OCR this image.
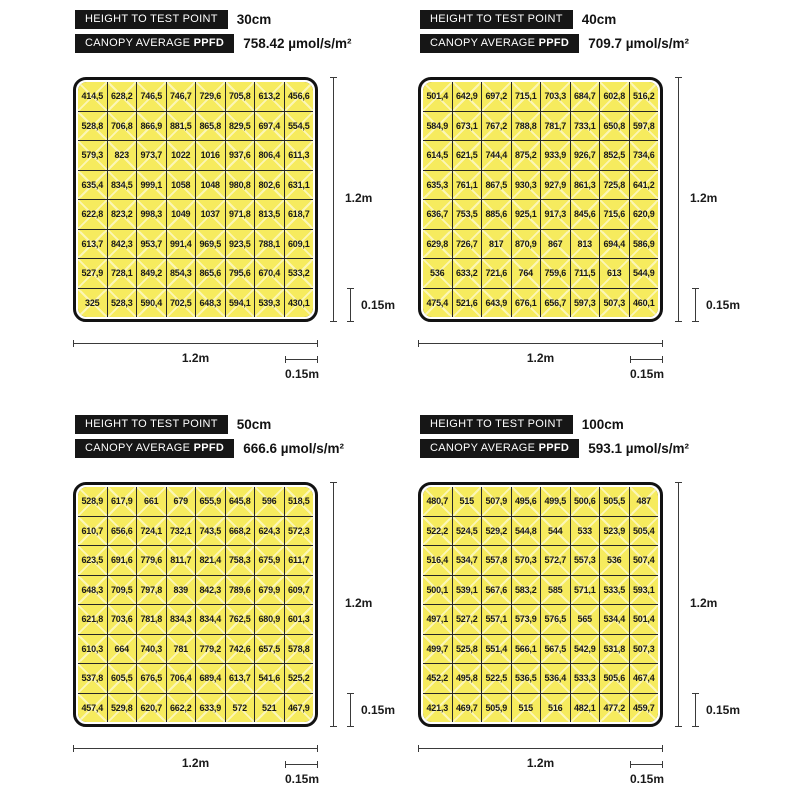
HEIGHT TO TEST POINT	30cm
CANOPY AVERAGE PPFD	758.42 µmol/s/m²
414,5 628,2 746,5 746,7 729,6 705,8 613,2 456,6
528,8 706,8 866,9 881,5 865,8 829,5 697,4 554,5
579,3	823	973,7	1022	1016	937,6 806,4 611,3
635,4 834,5 999,1	1058	1048	980,8 802,6 631,1
622,8 823,2 998,3	1049	1037	971,8 813,5 618,7
613,7 842,3 953,7 991,4 969,5 923,5 788,1 609,1
527,9 728,1 849,2 854,3 865,6 795,6 670,4 533,2
325	528,3 590,4 702,5 648,3 594,1 539,3 430,1
1.2m
0.15m
1.2m
0.15m
HEIGHT TO TEST POINT	40cm
CANOPY AVERAGE PPFD	709.7 µmol/s/m²
501,4 642,9 697,2 715,1 703,3 684,7 602,8 516,2
584,9 673,1 767,2 788,8 781,7 733,1 650,8 597,8
614,5 621,5 744,4 875,2 933,9 926,7 852,5 734,6
635,3 761,1 867,5 930,3 927,9 861,3 725,8 641,2
636,7 753,5 885,6 925,1 917,3 845,6 715,6 620,9
629,8 726,7	817	870,9	867	813	694,4 586,9
536	633,2 721,6	764	759,6 711,5	613	544,9
475,4 521,6 643,9 676,1 656,7 597,3 507,3 460,1
1.2m
0.15m
1.2m
0.15m
HEIGHT TO TEST POINT	50cm
CANOPY AVERAGE PPFD	666.6 µmol/s/m²
528,9 617,9	661	679	655,9 645,8	596	518,5
610,7 656,6 724,1 732,1 743,5 668,2 624,3 572,3
623,5 691,6 779,6 811,7 821,4 758,3 675,9 611,7
648,3 709,5 797,8	839	842,3 789,6 679,9 609,7
621,8 703,6 781,8 834,3 834,4 762,5 680,9 601,3
610,3	664	740,3	781	779,2 742,6 657,5 578,8
537,8 605,5 676,5 706,4 689,4 613,7 541,6 525,2
457,4 529,8 620,7 662,2 633,9	572	521	467,9
1.2m
0.15m
1.2m
0.15m
HEIGHT TO TEST POINT	100cm
CANOPY AVERAGE PPFD	593.1 µmol/s/m²
480,7	515	507,9 495,6 499,5 500,6 505,5	487
522,2 524,5 529,2 544,8	544	533	523,9 505,4
516,4 534,7 557,8 570,3 572,7 557,3	536	507,4
500,1 539,1 567,6 583,2	585	571,1 533,5 593,1
497,1 527,2 557,1 573,9 576,5	565	534,4 501,4
499,7 525,8 551,4 566,1 567,5 542,9 531,8 507,3
452,2 495,8 522,5 536,5 536,4 533,3 505,6 467,4
421,3 469,7 505,9	515	516	482,1 477,2 459,7
1.2m
0.15m
1.2m
0.15m
